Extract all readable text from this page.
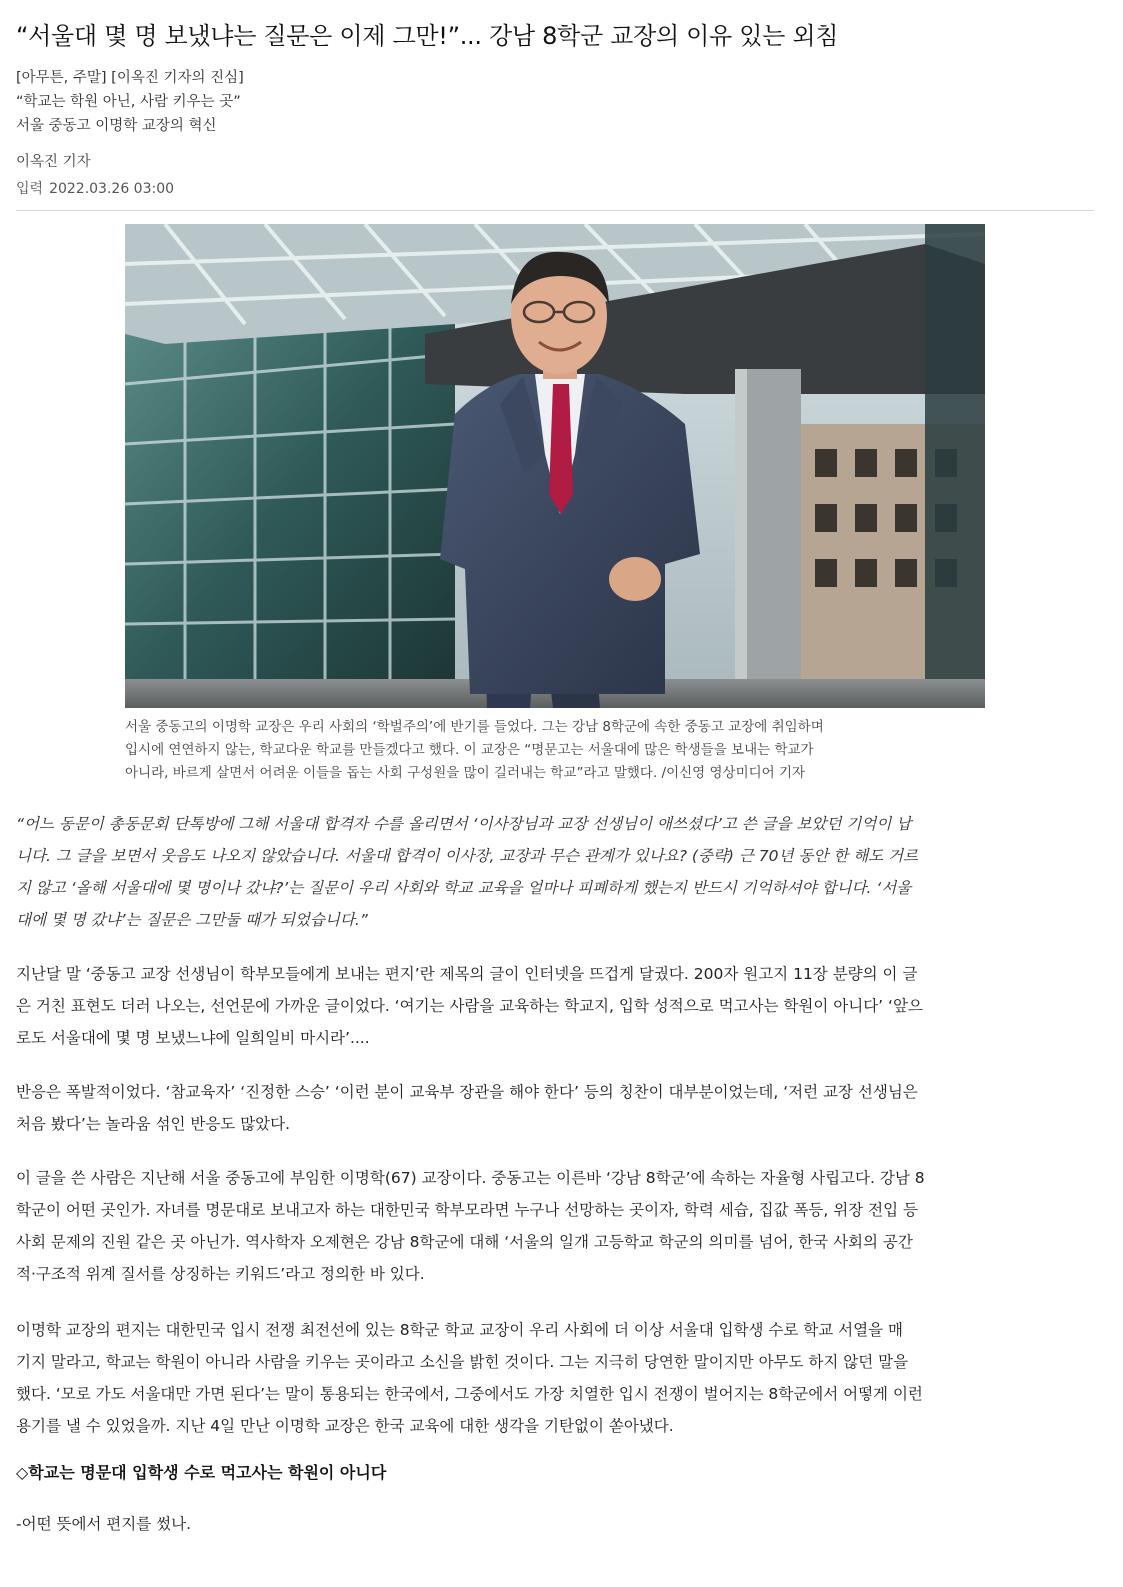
“서울대 몇 명 보냈냐는 질문은 이제 그만!”... 강남 8학군 교장의 이유 있는 외침
[아무튼, 주말] [이옥진 기자의 진심]
“학교는 학원 아닌, 사람 키우는 곳”
서울 중동고 이명학 교장의 혁신
이옥진 기자
입력 2022.03.26 03:00
서울 중동고의 이명학 교장은 우리 사회의 ‘학벌주의’에 반기를 들었다. 그는 강남 8학군에 속한 중동고 교장에 취임하며
입시에 연연하지 않는, 학교다운 학교를 만들겠다고 했다. 이 교장은 “명문고는 서울대에 많은 학생들을 보내는 학교가
아니라, 바르게 살면서 어려운 이들을 돕는 사회 구성원을 많이 길러내는 학교”라고 말했다. /이신영 영상미디어 기자
“어느 동문이 총동문회 단톡방에 그해 서울대 합격자 수를 올리면서 ‘이사장님과 교장 선생님이 애쓰셨다’고 쓴 글을 보았던 기억이 납
니다. 그 글을 보면서 웃음도 나오지 않았습니다. 서울대 합격이 이사장, 교장과 무슨 관계가 있나요? (중략) 근 70년 동안 한 해도 거르
지 않고 ‘올해 서울대에 몇 명이나 갔냐?’는 질문이 우리 사회와 학교 교육을 얼마나 피폐하게 했는지 반드시 기억하셔야 합니다. ‘서울
대에 몇 명 갔냐’는 질문은 그만둘 때가 되었습니다.”
지난달 말 ‘중동고 교장 선생님이 학부모들에게 보내는 편지’란 제목의 글이 인터넷을 뜨겁게 달궜다. 200자 원고지 11장 분량의 이 글
은 거친 표현도 더러 나오는, 선언문에 가까운 글이었다. ‘여기는 사람을 교육하는 학교지, 입학 성적으로 먹고사는 학원이 아니다’ ‘앞으
로도 서울대에 몇 명 보냈느냐에 일희일비 마시라’....
반응은 폭발적이었다. ‘참교육자’ ‘진정한 스승’ ‘이런 분이 교육부 장관을 해야 한다’ 등의 칭찬이 대부분이었는데, ‘저런 교장 선생님은
처음 봤다’는 놀라움 섞인 반응도 많았다.
이 글을 쓴 사람은 지난해 서울 중동고에 부임한 이명학(67) 교장이다. 중동고는 이른바 ‘강남 8학군’에 속하는 자율형 사립고다. 강남 8
학군이 어떤 곳인가. 자녀를 명문대로 보내고자 하는 대한민국 학부모라면 누구나 선망하는 곳이자, 학력 세습, 집값 폭등, 위장 전입 등
사회 문제의 진원 같은 곳 아닌가. 역사학자 오제현은 강남 8학군에 대해 ‘서울의 일개 고등학교 학군의 의미를 넘어, 한국 사회의 공간
적·구조적 위계 질서를 상징하는 키워드’라고 정의한 바 있다.
이명학 교장의 편지는 대한민국 입시 전쟁 최전선에 있는 8학군 학교 교장이 우리 사회에 더 이상 서울대 입학생 수로 학교 서열을 매
기지 말라고, 학교는 학원이 아니라 사람을 키우는 곳이라고 소신을 밝힌 것이다. 그는 지극히 당연한 말이지만 아무도 하지 않던 말을
했다. ‘모로 가도 서울대만 가면 된다’는 말이 통용되는 한국에서, 그중에서도 가장 치열한 입시 전쟁이 벌어지는 8학군에서 어떻게 이런
용기를 낼 수 있었을까. 지난 4일 만난 이명학 교장은 한국 교육에 대한 생각을 기탄없이 쏟아냈다.
◇학교는 명문대 입학생 수로 먹고사는 학원이 아니다
-어떤 뜻에서 편지를 썼나.
